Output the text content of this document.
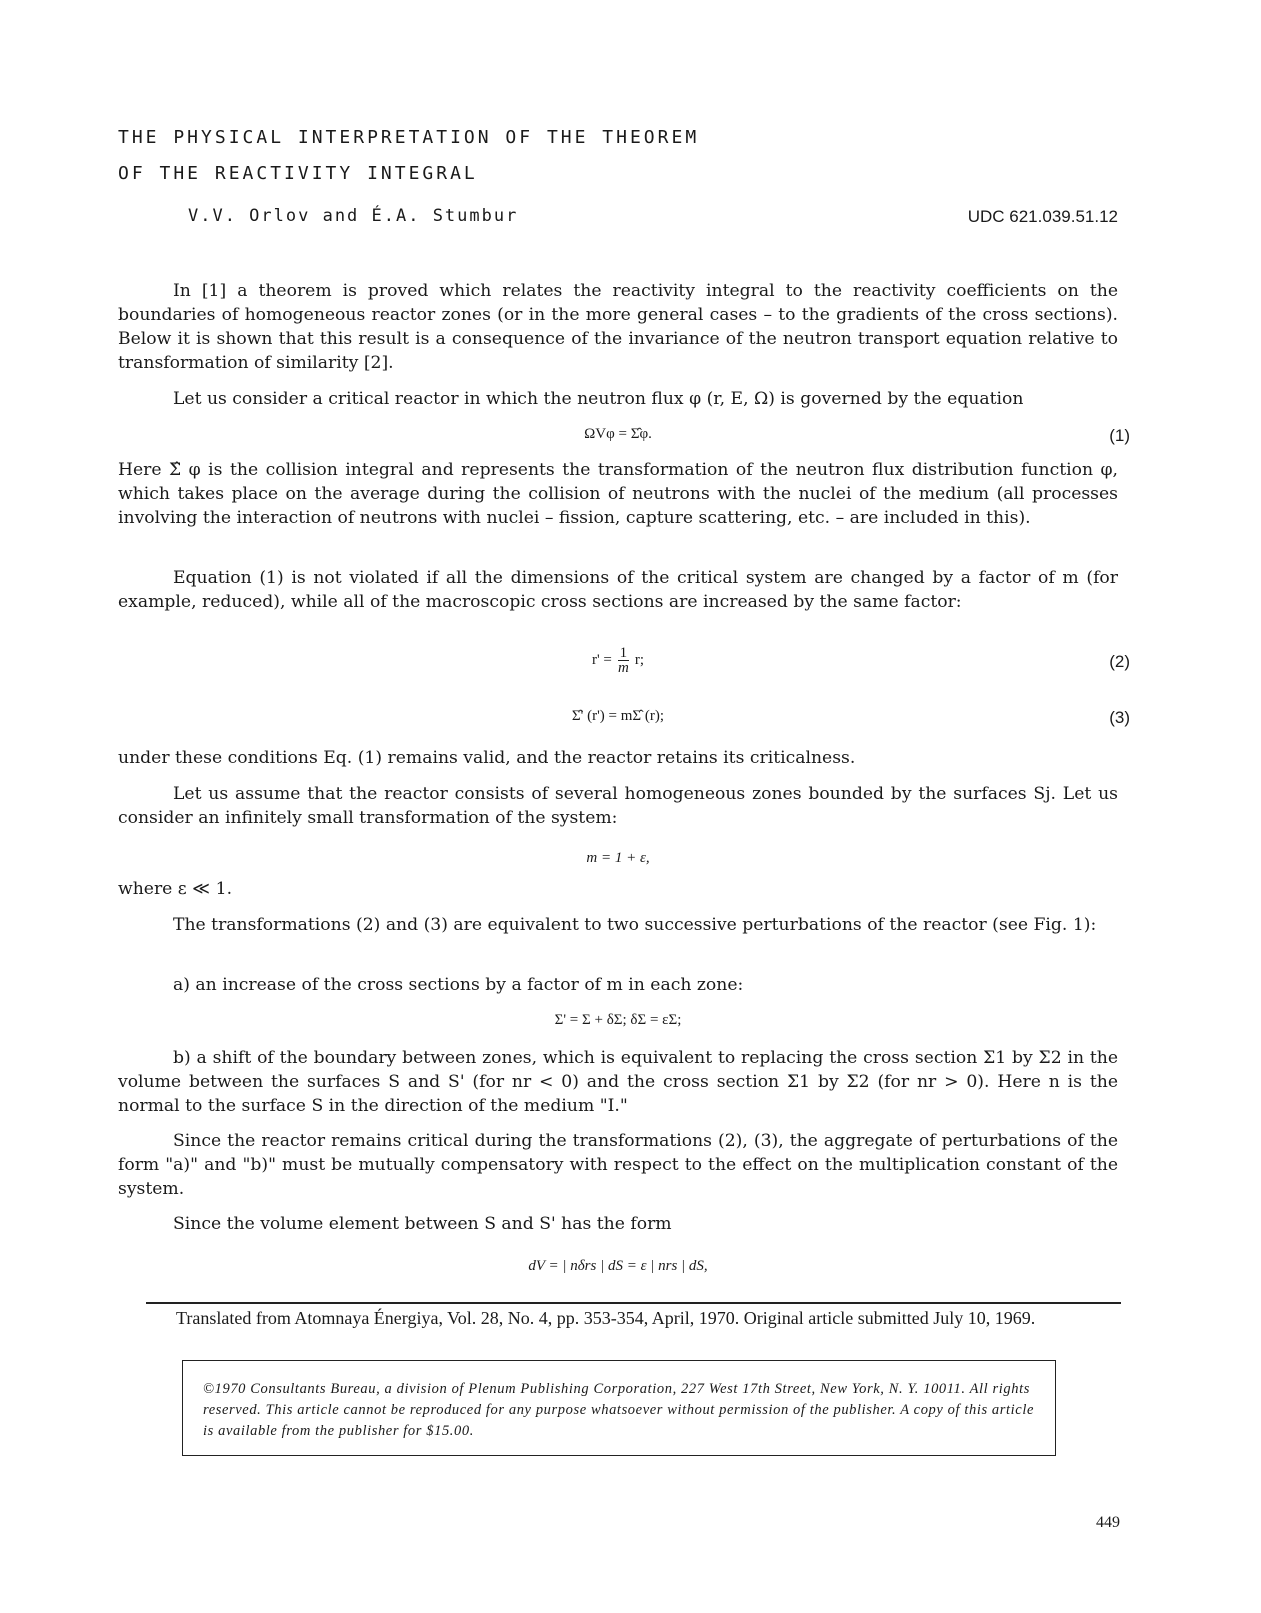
THE PHYSICAL INTERPRETATION OF THE THEOREM
OF THE REACTIVITY INTEGRAL
V.V. Orlov and É.A. Stumbur	UDC 621.039.51.12

In [1] a theorem is proved which relates the reactivity integral to the reactivity coefficients on the boundaries of homogeneous reactor zones (or in the more general cases – to the gradients of the cross sections). Below it is shown that this result is a consequence of the invariance of the neutron transport equation relative to transformation of similarity [2].

Let us consider a critical reactor in which the neutron flux φ (r, E, Ω) is governed by the equation

ΩVφ = Σ̂φ.	(1)

Here Σ̂ φ is the collision integral and represents the transformation of the neutron flux distribution function φ, which takes place on the average during the collision of neutrons with the nuclei of the medium (all processes involving the interaction of neutrons with nuclei – fission, capture scattering, etc. – are included in this).

Equation (1) is not violated if all the dimensions of the critical system are changed by a factor of m (for example, reduced), while all of the macroscopic cross sections are increased by the same factor:

$r' = \frac{1}{m} r$;	(2)
Σ̂' (r') = mΣ̂ (r);	(3)

under these conditions Eq. (1) remains valid, and the reactor retains its criticalness.

Let us assume that the reactor consists of several homogeneous zones bounded by the surfaces Sj. Let us consider an infinitely small transformation of the system:

m = 1 + ε,

where ε ≪ 1.

The transformations (2) and (3) are equivalent to two successive perturbations of the reactor (see Fig. 1):

a) an increase of the cross sections by a factor of m in each zone:

Σ' = Σ + δΣ; δΣ = εΣ;

b) a shift of the boundary between zones, which is equivalent to replacing the cross section Σ1 by Σ2 in the volume between the surfaces S and S' (for nr < 0) and the cross section Σ1 by Σ2 (for nr > 0). Here n is the normal to the surface S in the direction of the medium "I."

Since the reactor remains critical during the transformations (2), (3), the aggregate of perturbations of the form "a)" and "b)" must be mutually compensatory with respect to the effect on the multiplication constant of the system.

Since the volume element between S and S' has the form

dV = | nδrs | dS = ε | nrs | dS,

Translated from Atomnaya Énergiya, Vol. 28, No. 4, pp. 353-354, April, 1970. Original article submitted July 10, 1969.

©1970 Consultants Bureau, a division of Plenum Publishing Corporation, 227 West 17th Street, New York, N. Y. 10011. All rights reserved. This article cannot be reproduced for any purpose whatsoever without permission of the publisher. A copy of this article is available from the publisher for $15.00.

449
